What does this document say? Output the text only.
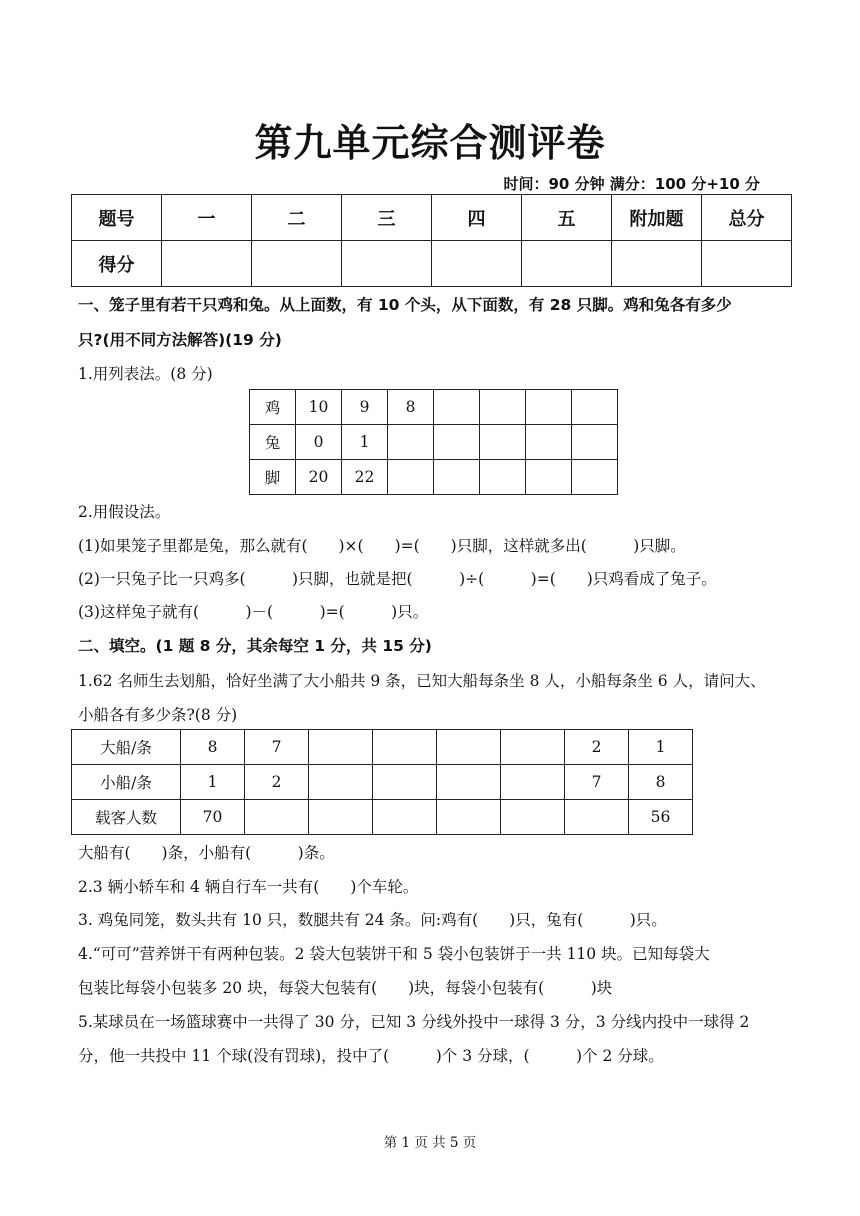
第九单元综合测评卷
时间：90 分钟 满分：100 分+10 分
题号	一	二	三	四	五	附加题	总分
得分							
一、笼子里有若干只鸡和兔。从上面数，有 10 个头，从下面数，有 28 只脚。鸡和兔各有多少
只?(用不同方法解答)(19 分)
1.用列表法。(8 分)
鸡	10	9	8				
兔	0	1					
脚	20	22					
2.用假设法。
(1)如果笼子里都是兔，那么就有(　　)×(　　)=(　　)只脚，这样就多出(　　　)只脚。
(2)一只兔子比一只鸡多(　　　)只脚，也就是把(　　　)÷(　　　)=(　　)只鸡看成了兔子。
(3)这样兔子就有(　　　)－(　　　)=(　　　)只。
二、填空。(1 题 8 分，其余每空 1 分，共 15 分)
1.62 名师生去划船，恰好坐满了大小船共 9 条，已知大船每条坐 8 人，小船每条坐 6 人，请问大、
小船各有多少条?(8 分)
大船/条	8	7					2	1
小船/条	1	2					7	8
载客人数	70							56
大船有(　　)条，小船有(　　　)条。
2.3 辆小轿车和 4 辆自行车一共有(　　)个车轮。
3. 鸡兔同笼，数头共有 10 只，数腿共有 24 条。问:鸡有(　　)只，兔有(　　　)只。
4.“可可”营养饼干有两种包装。2 袋大包装饼干和 5 袋小包装饼于一共 110 块。已知每袋大
包装比每袋小包装多 20 块，每袋大包装有(　　)块，每袋小包装有(　　　)块
5.某球员在一场篮球赛中一共得了 30 分，已知 3 分线外投中一球得 3 分，3 分线内投中一球得 2
分，他一共投中 11 个球(没有罚球)，投中了(　　　)个 3 分球，(　　　)个 2 分球。
第 1 页 共 5 页
